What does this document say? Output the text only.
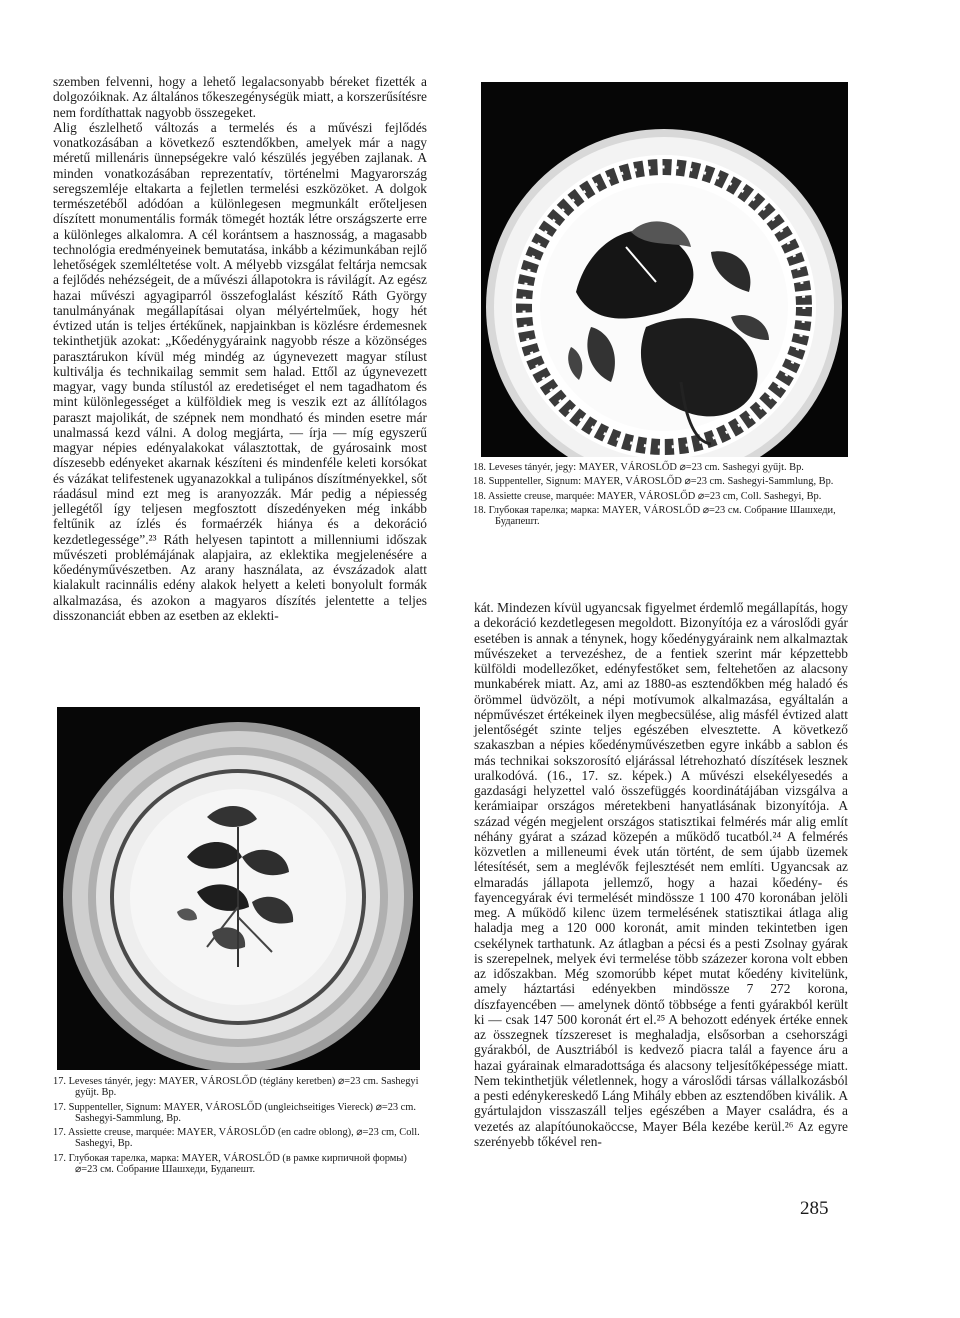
szemben felvenni, hogy a lehető legalacsonyabb béreket fizették a dolgozóiknak. Az általános tőkeszegénységük miatt, a korszerűsítésre nem fordíthattak nagyobb összegeket.

Alig észlelhető változás a termelés és a művészi fejlődés vonatkozásában a következő esztendőkben, amelyek már a nagy méretű millenáris ünnepségekre való készülés jegyében zajlanak. A minden vonatkozásában reprezentatív, történelmi Magyarország seregszemléje eltakarta a fejletlen termelési eszközöket. A dolgok természetéből adódóan a különlegesen megmunkált erőteljesen díszített monumentális formák tömegét hozták létre országszerte erre a különleges alkalomra. A cél korántsem a hasznosság, a magasabb technológia eredményeinek bemutatása, inkább a kézimunkában rejlő lehetőségek szemléltetése volt. A mélyebb vizsgálat feltárja nemcsak a fejlődés nehézségeit, de a művészi állapotokra is rávilágít. Az egész hazai művészi agyagiparról összefoglalást készítő Ráth György tanulmányának megállapításai olyan mélyértelműek, hogy hét évtized után is teljes értékűnek, napjainkban is közlésre érdemesnek tekinthetjük azokat: „Kőedénygyáraink nagyobb része a közönséges parasztárukon kívül még mindég az úgynevezett magyar stílust kultiválja és technikailag semmit sem halad. Ettől az úgynevezett magyar, vagy bunda stílustól az eredetiséget el nem tagadhatom és mint különlegességet a külföldiek meg is veszik ezt az állítólagos paraszt majolikát, de szépnek nem mondható és minden esetre már unalmassá kezd válni. A dolog megjárta, — írja — míg egyszerű magyar népies edényalakokat választottak, de gyárosaink most díszesebb edényeket akarnak készíteni és mindenféle keleti korsókat és vázákat telifestenek ugyanazokkal a tulipános díszítményekkel, sőt ráadásul mind ezt meg is aranyozzák. Már pedig a népiesség jellegétől így teljesen megfosztott díszedényeken még inkább feltűnik az ízlés és formaérzék hiánya és a dekoráció kezdetlegessége”.²³ Ráth helyesen tapintott a millenniumi időszak művészeti problémájának alapjaira, az eklektika megjelenésére a kőedényművészetben. Az arany használata, az évszázadok alatt kialakult racinnális edény alakok helyett a keleti bonyolult formák alkalmazása, és azokon a magyaros díszítés jelentette a teljes disszonanciát ebben az esetben az eklekti-

18. Leveses tányér, jegy: MAYER, VÁROSLŐD ⌀=23 cm. Sashegyi gyűjt. Bp.

18. Suppenteller, Signum: MAYER, VÁROSLŐD ⌀=23 cm. Sashegyi-Sammlung, Bp.

18. Assiette creuse, marquée: MAYER, VÁROSLŐD ⌀=23 cm, Coll. Sashegyi, Bp.

18. Глубокая тарелка; марка: MAYER, VÁROSLŐD ⌀=23 см. Собрание Шашхеди, Будапешт.

kát. Mindezen kívül ugyancsak figyelmet érdemlő megállapítás, hogy a dekoráció kezdetlegesen megoldott. Bizonyítója ez a városlődi gyár esetében is annak a ténynek, hogy kőedénygyáraink nem alkalmaztak művészeket a tervezéshez, de a fentiek szerint már képzettebb külföldi modellezőket, edényfestőket sem, feltehetően az alacsony munkabérek miatt. Az, ami az 1880-as esztendőkben még haladó és örömmel üdvözölt, a népi motívumok alkalmazása, egyáltalán a népművészet értékeinek ilyen megbecsülése, alig másfél évtized alatt jelentőségét szinte teljes egészében elvesztette. A következő szakaszban a népies kőedényművészetben egyre inkább a sablon és más technikai sokszorosító eljárással létrehozható díszítések lesznek uralkodóvá. (16., 17. sz. képek.) A művészi elsekélyesedés a gazdasági helyzettel való összefüggés koordinátájában vizsgálva a kerámiaipar országos méretekbeni hanyatlásának bizonyítója. A század végén megjelent országos statisztikai felmérés már alig említ néhány gyárat a század közepén a működő tucatból.²⁴ A felmérés közvetlen a milleneumi évek után történt, de sem újabb üzemek létesítését, sem a meglévők fejlesztését nem említi. Ugyancsak az elmaradás jállapota jellemző, hogy a hazai kőedény- és fayencegyárak évi termelését mindössze 1 100 470 koronában jelöli meg. A működő kilenc üzem termelésének statisztikai átlaga alig haladja meg a 120 000 koronát, amit minden tekintetben igen csekélynek tarthatunk. Az átlagban a pécsi és a pesti Zsolnay gyárak is szerepelnek, melyek évi termelése több százezer korona volt ebben az időszakban. Még szomorúbb képet mutat kőedény kivitelünk, amely háztartási edényekben mindössze 7 272 korona, díszfayencében — amelynek döntő többsége a fenti gyárakból került ki — csak 147 500 koronát ért el.²⁵ A behozott edények értéke ennek az összegnek tízszereset is meghaladja, elsősorban a csehországi gyárakból, de Ausztriából is kedvező piacra talál a fayence áru a hazai gyárainak elmaradottsága és alacsony teljesítőképessége miatt. Nem tekinthetjük véletlennek, hogy a városlődi társas vállalkozásból a pesti edénykereskedő Láng Mihály ebben az esztendőben kiválik. A gyártulajdon visszaszáll teljes egészében a Mayer családra, és a vezetés az alapítóunokaöccse, Mayer Béla kezébe kerül.²⁶ Az egyre szerényebb tőkével ren-

17. Leveses tányér, jegy: MAYER, VÁROSLŐD (téglány keretben) ⌀=23 cm. Sashegyi gyűjt. Bp.

17. Suppenteller, Signum: MAYER, VÁROSLŐD (ungleichseitiges Viereck) ⌀=23 cm. Sashegyi-Sammlung, Bp.

17. Assiette creuse, marquée: MAYER, VÁROSLŐD (en cadre oblong), ⌀=23 cm, Coll. Sashegyi, Bp.

17. Глубокая тарелка, марка: MAYER, VÁROSLŐD (в рамке кирпичной формы) ⌀=23 см. Собрание Шашхеди, Будапешт.

285
